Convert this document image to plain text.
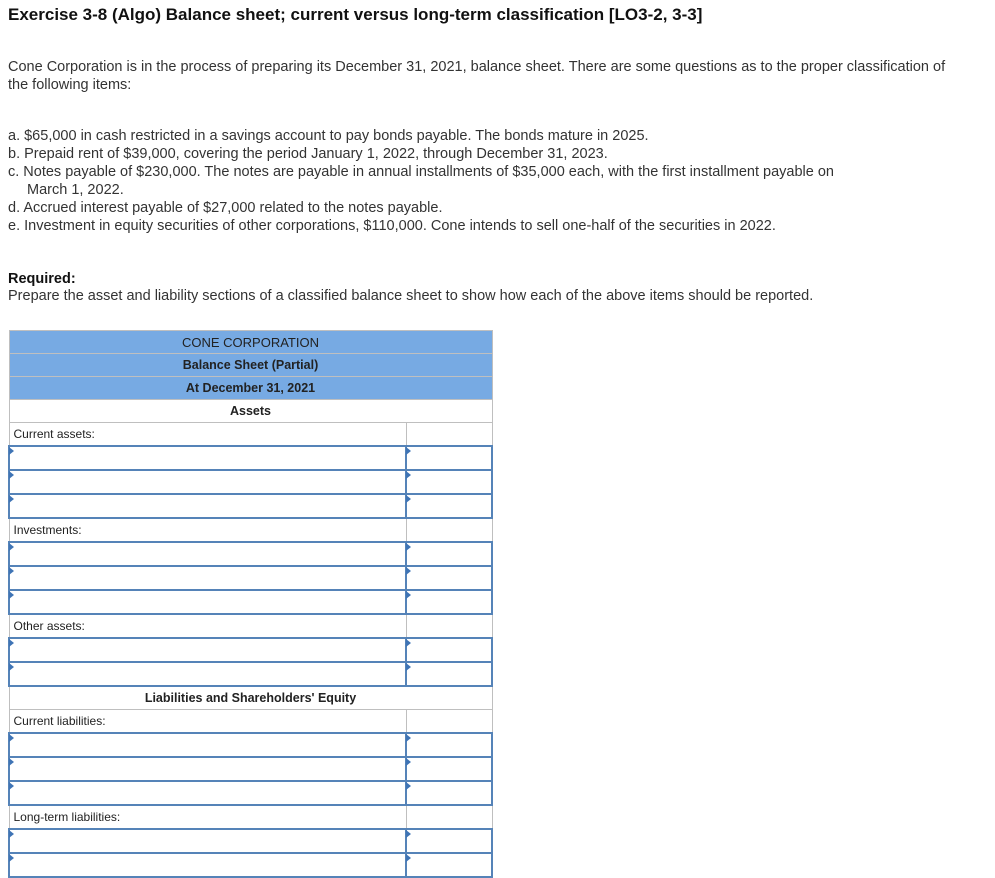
Exercise 3-8 (Algo) Balance sheet; current versus long-term classification [LO3-2, 3-3]
Cone Corporation is in the process of preparing its December 31, 2021, balance sheet. There are some questions as to the proper classification of the following items:
a. $65,000 in cash restricted in a savings account to pay bonds payable. The bonds mature in 2025.
b. Prepaid rent of $39,000, covering the period January 1, 2022, through December 31, 2023.
c. Notes payable of $230,000. The notes are payable in annual installments of $35,000 each, with the first installment payable on
March 1, 2022.
d. Accrued interest payable of $27,000 related to the notes payable.
e. Investment in equity securities of other corporations, $110,000. Cone intends to sell one-half of the securities in 2022.
Required:
Prepare the asset and liability sections of a classified balance sheet to show how each of the above items should be reported.
CONE CORPORATION	
Balance Sheet (Partial)	
At December 31, 2021	
Assets	
Current assets:	

Investments:	

Other assets:	

Liabilities and Shareholders' Equity	
Current liabilities:	

Long-term liabilities:	
